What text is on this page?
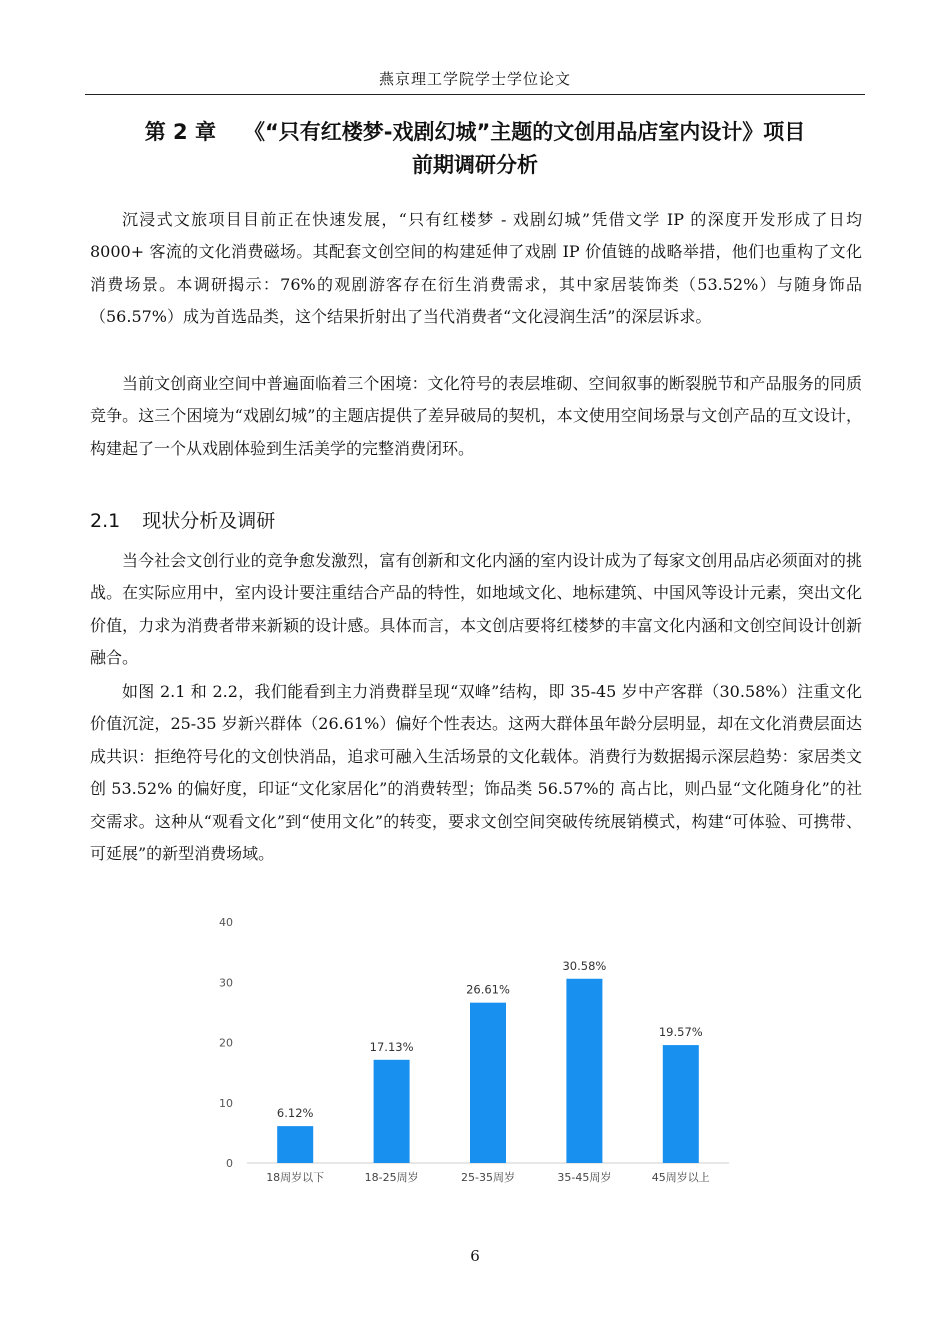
燕京理工学院学士学位论文
第 2 章 《“只有红楼梦-戏剧幻城”主题的文创用品店室内设计》项目
前期调研分析

沉浸式文旅项目目前正在快速发展，“只有红楼梦 - 戏剧幻城”凭借文学 IP 的深度开发形成了日均 8000+ 客流的文化消费磁场。其配套文创空间的构建延伸了戏剧 IP 价值链的战略举措，他们也重构了文化消费场景。本调研揭示：76%的观剧游客存在衍生消费需求，其中家居装饰类（53.52%）与随身饰品（56.57%）成为首选品类，这个结果折射出了当代消费者“文化浸润生活”的深层诉求。

当前文创商业空间中普遍面临着三个困境：文化符号的表层堆砌、空间叙事的断裂脱节和产品服务的同质竞争。这三个困境为“戏剧幻城”的主题店提供了差异破局的契机，本文使用空间场景与文创产品的互文设计，构建起了一个从戏剧体验到生活美学的完整消费闭环。

2.1 现状分析及调研

当今社会文创行业的竞争愈发激烈，富有创新和文化内涵的室内设计成为了每家文创用品店必须面对的挑战。在实际应用中，室内设计要注重结合产品的特性，如地域文化、地标建筑、中国风等设计元素，突出文化价值，力求为消费者带来新颖的设计感。具体而言，本文创店要将红楼梦的丰富文化内涵和文创空间设计创新融合。

如图 2.1 和 2.2，我们能看到主力消费群呈现“双峰”结构，即 35-45 岁中产客群（30.58%）注重文化价值沉淀，25-35 岁新兴群体（26.61%）偏好个性表达。这两大群体虽年龄分层明显，却在文化消费层面达成共识：拒绝符号化的文创快消品，追求可融入生活场景的文化载体。消费行为数据揭示深层趋势：家居类文创 53.52% 的偏好度，印证“文化家居化”的消费转型；饰品类 56.57%的 高占比，则凸显“文化随身化”的社交需求。这种从“观看文化”到“使用文化”的转变，要求文创空间突破传统展销模式，构建“可体验、可携带、可延展”的新型消费场域。

0
10
20
30
40
6.12%
18周岁以下
17.13%
18-25周岁
26.61%
25-35周岁
30.58%
35-45周岁
19.57%
45周岁以上
6
